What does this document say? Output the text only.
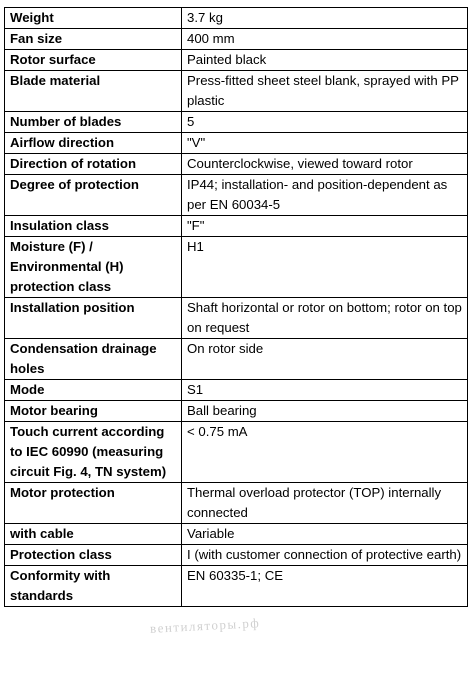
Weight	3.7 kg
Fan size	400 mm
Rotor surface	Painted black
Blade material	Press-fitted sheet steel blank, sprayed with PP plastic
Number of blades	5
Airflow direction	"V"
Direction of rotation	Counterclockwise, viewed toward rotor
Degree of protection	IP44; installation- and position-dependent as per EN 60034-5
Insulation class	"F"
Moisture (F) / Environmental (H) protection class	H1
Installation position	Shaft horizontal or rotor on bottom; rotor on top on request
Condensation drainage holes	On rotor side
Mode	S1
Motor bearing	Ball bearing
Touch current according to IEC 60990 (measuring circuit Fig. 4, TN system)	< 0.75 mA
Motor protection	Thermal overload protector (TOP) internally connected
with cable	Variable
Protection class	I (with customer connection of protective earth)
Conformity with standards	EN 60335-1; CE
вентиляторы.рф
